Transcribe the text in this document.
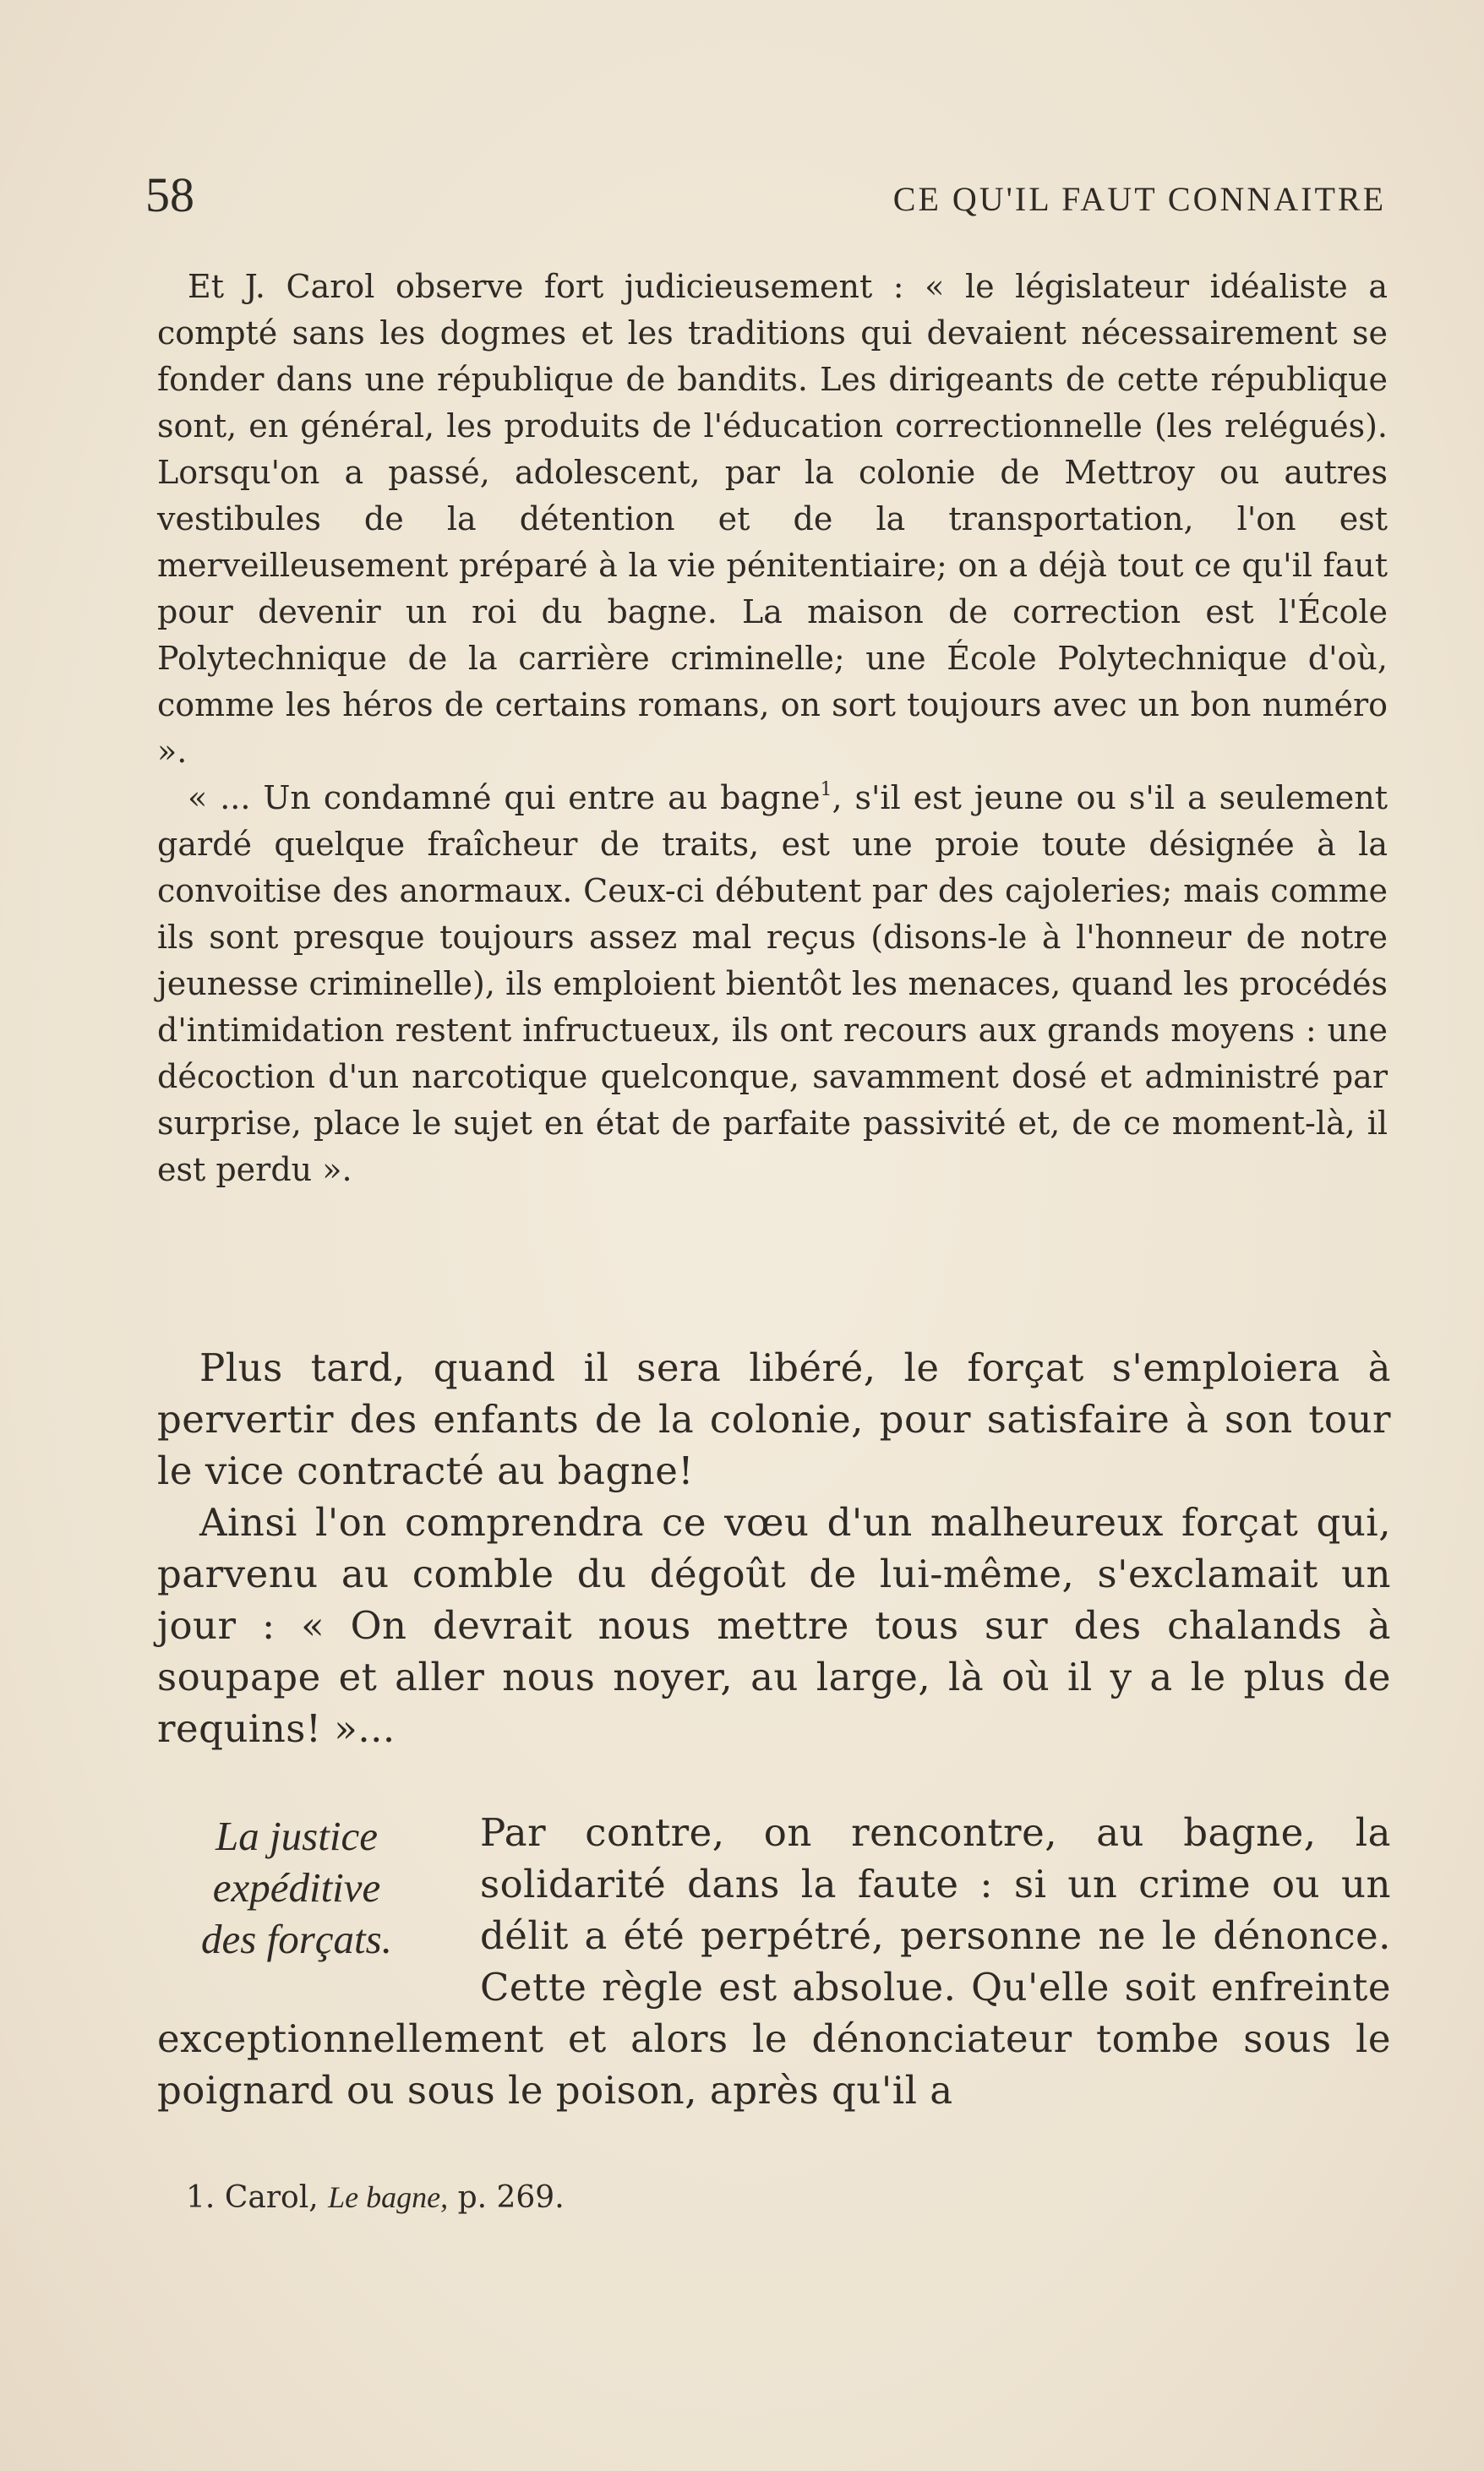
58	CE QU'IL FAUT CONNAITRE

Et J. Carol observe fort judicieusement : « le législateur idéaliste a compté sans les dogmes et les traditions qui devaient nécessairement se fonder dans une république de bandits. Les dirigeants de cette république sont, en général, les produits de l'éducation correctionnelle (les relégués). Lorsqu'on a passé, adolescent, par la colonie de Mettroy ou autres vestibules de la détention et de la transportation, l'on est merveilleusement préparé à la vie pénitentiaire; on a déjà tout ce qu'il faut pour devenir un roi du bagne. La maison de correction est l'École Polytechnique de la carrière criminelle; une École Polytechnique d'où, comme les héros de certains romans, on sort toujours avec un bon numéro ».

« ... Un condamné qui entre au bagne$^1$, s'il est jeune ou s'il a seulement gardé quelque fraîcheur de traits, est une proie toute désignée à la convoitise des anormaux. Ceux-ci débutent par des cajoleries; mais comme ils sont presque toujours assez mal reçus (disons-le à l'honneur de notre jeunesse criminelle), ils emploient bientôt les menaces, quand les procédés d'intimidation restent infructueux, ils ont recours aux grands moyens : une décoction d'un narcotique quelconque, savamment dosé et administré par surprise, place le sujet en état de parfaite passivité et, de ce moment-là, il est perdu ».

Plus tard, quand il sera libéré, le forçat s'emploiera à pervertir des enfants de la colonie, pour satisfaire à son tour le vice contracté au bagne!

Ainsi l'on comprendra ce vœu d'un malheureux forçat qui, parvenu au comble du dégoût de lui-même, s'exclamait un jour : « On devrait nous mettre tous sur des chalands à soupape et aller nous noyer, au large, là où il y a le plus de requins! »...

La justice
expéditive
des forçats.

Par contre, on rencontre, au bagne, la solidarité dans la faute : si un crime ou un délit a été perpétré, personne ne le dénonce. Cette règle est absolue. Qu'elle soit enfreinte exceptionnellement et alors le dénonciateur tombe sous le poignard ou sous le poison, après qu'il a

1. Carol, Le bagne, p. 269.
